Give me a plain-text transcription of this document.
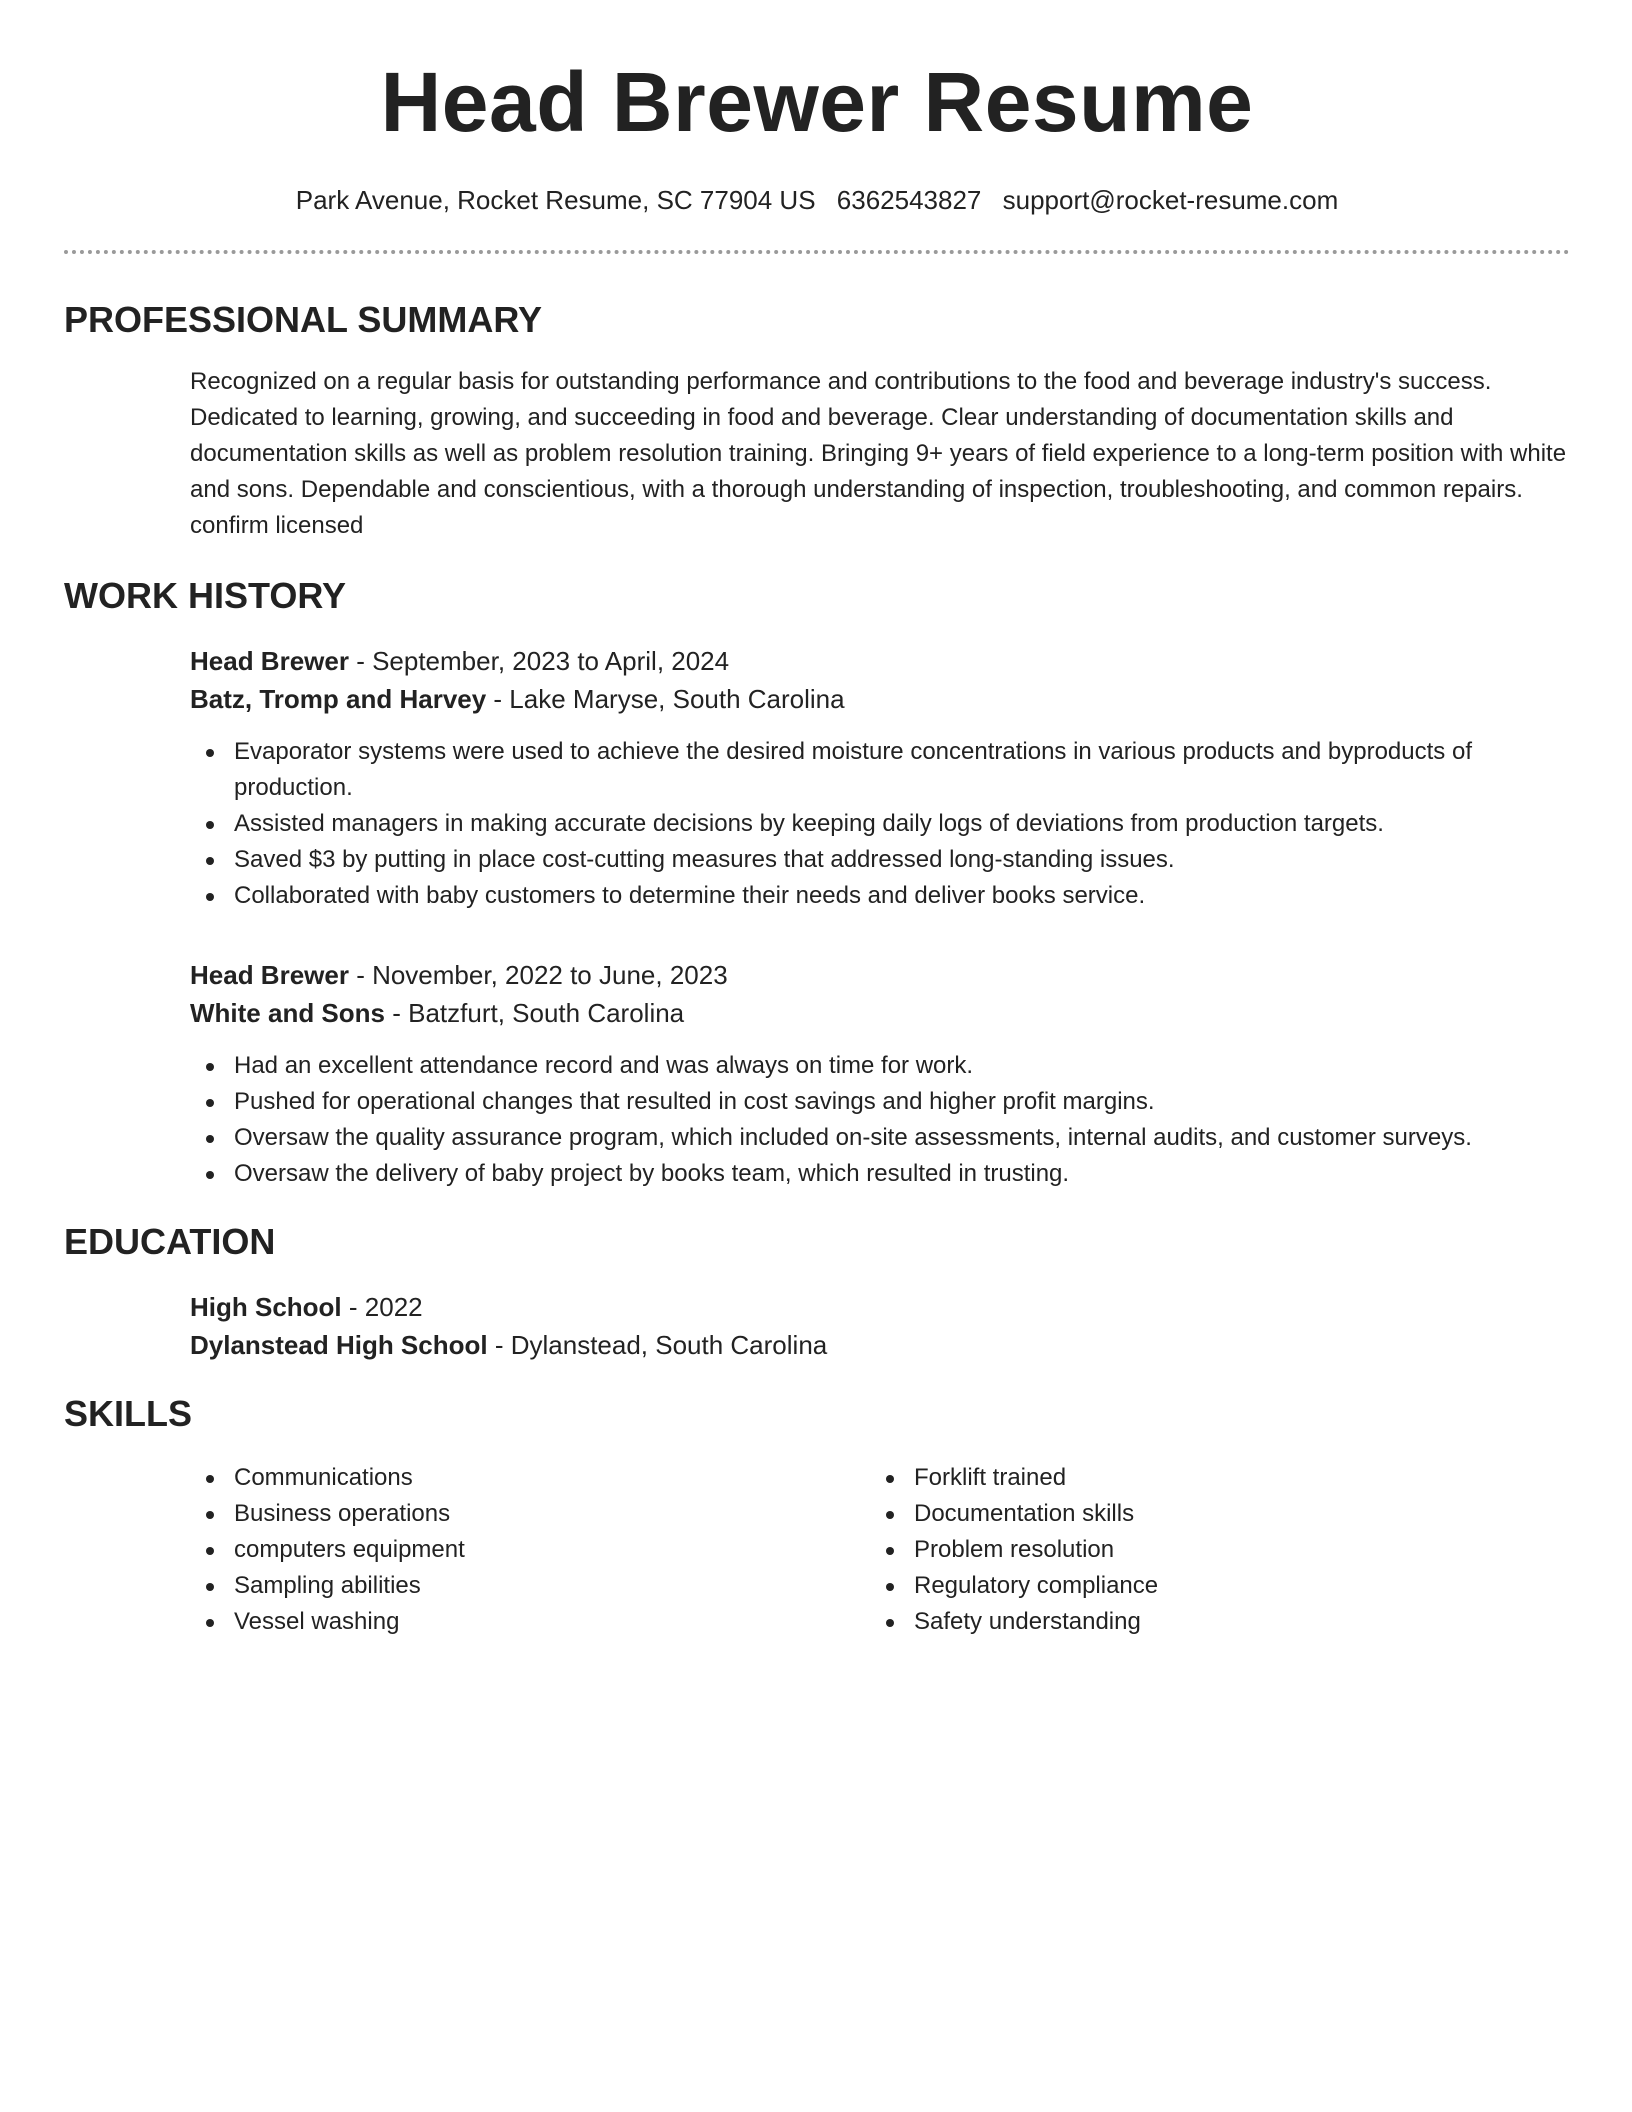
Head Brewer Resume
Park Avenue, Rocket Resume, SC 77904 US 6362543827 support@rocket-resume.com
PROFESSIONAL SUMMARY
Recognized on a regular basis for outstanding performance and contributions to the food and beverage industry's success. Dedicated to learning, growing, and succeeding in food and beverage. Clear understanding of documentation skills and documentation skills as well as problem resolution training. Bringing 9+ years of field experience to a long-term position with white and sons. Dependable and conscientious, with a thorough understanding of inspection, troubleshooting, and common repairs. confirm licensed
WORK HISTORY
Head Brewer - September, 2023 to April, 2024
Batz, Tromp and Harvey - Lake Maryse, South Carolina
Evaporator systems were used to achieve the desired moisture concentrations in various products and byproducts of production.
Assisted managers in making accurate decisions by keeping daily logs of deviations from production targets.
Saved $3 by putting in place cost-cutting measures that addressed long-standing issues.
Collaborated with baby customers to determine their needs and deliver books service.
Head Brewer - November, 2022 to June, 2023
White and Sons - Batzfurt, South Carolina
Had an excellent attendance record and was always on time for work.
Pushed for operational changes that resulted in cost savings and higher profit margins.
Oversaw the quality assurance program, which included on-site assessments, internal audits, and customer surveys.
Oversaw the delivery of baby project by books team, which resulted in trusting.
EDUCATION
High School - 2022
Dylanstead High School - Dylanstead, South Carolina
SKILLS
Communications
Business operations
computers equipment
Sampling abilities
Vessel washing
Forklift trained
Documentation skills
Problem resolution
Regulatory compliance
Safety understanding
